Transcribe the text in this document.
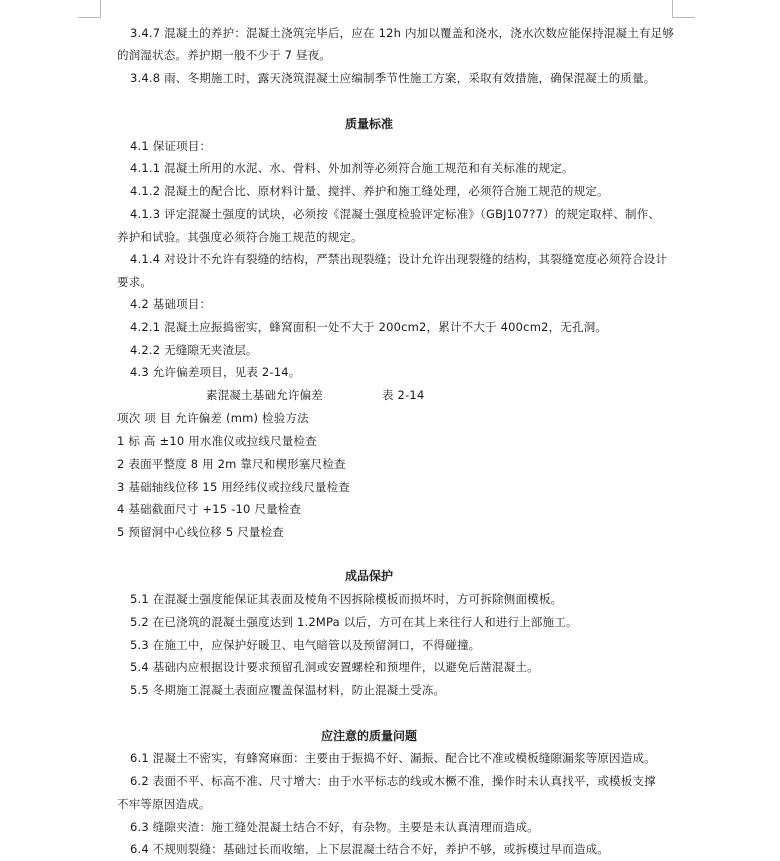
3.4.7 混凝土的养护：混凝土浇筑完毕后，应在 12h 内加以覆盖和浇水，浇水次数应能保持混凝土有足够
的润湿状态。养护期一般不少于 7 昼夜。
3.4.8 雨、冬期施工时，露天浇筑混凝土应编制季节性施工方案，采取有效措施，确保混凝土的质量。
质量标准
4.1 保证项目：
4.1.1 混凝土所用的水泥、水、骨料、外加剂等必须符合施工规范和有关标准的规定。
4.1.2 混凝土的配合比、原材料计量、搅拌、养护和施工缝处理，必须符合施工规范的规定。
4.1.3 评定混凝土强度的试块，必须按《混凝土强度检验评定标准》（GBJ107?7）的规定取样、制作、
养护和试验。其强度必须符合施工规范的规定。
4.1.4 对设计不允许有裂缝的结构，严禁出现裂缝；设计允许出现裂缝的结构，其裂缝宽度必须符合设计
要求。
4.2 基础项目：
4.2.1 混凝土应振捣密实，蜂窝面积一处不大于 200cm2，累计不大于 400cm2，无孔洞。
4.2.2 无缝隙无夹渣层。
4.3 允许偏差项目，见表 2-14。
素混凝土基础允许偏差	表 2-14
项次 项 目 允许偏差 (mm) 检验方法
1 标 高 ±10 用水准仪或拉线尺量检查
2 表面平整度 8 用 2m 靠尺和楔形塞尺检查
3 基础轴线位移 15 用经纬仪或拉线尺量检查
4 基础截面尺寸 +15 -10 尺量检查
5 预留洞中心线位移 5 尺量检查
成品保护
5.1 在混凝土强度能保证其表面及棱角不因拆除模板而损坏时，方可拆除侧面模板。
5.2 在已浇筑的混凝土强度达到 1.2MPa 以后，方可在其上来往行人和进行上部施工。
5.3 在施工中，应保护好暖卫、电气暗管以及预留洞口，不得碰撞。
5.4 基础内应根据设计要求预留孔洞或安置螺栓和预埋件，以避免后凿混凝土。
5.5 冬期施工混凝土表面应覆盖保温材料，防止混凝土受冻。
应注意的质量问题
6.1 混凝土不密实，有蜂窝麻面：主要由于振捣不好、漏振、配合比不准或模板缝隙漏浆等原因造成。
6.2 表面不平、标高不准、尺寸增大：由于水平标志的线或木橛不准，操作时未认真找平，或模板支撑
不牢等原因造成。
6.3 缝隙夹渣：施工缝处混凝土结合不好，有杂物。主要是未认真清理而造成。
6.4 不规则裂缝：基础过长而收缩，上下层混凝土结合不好，养护不够，或拆模过早而造成。
